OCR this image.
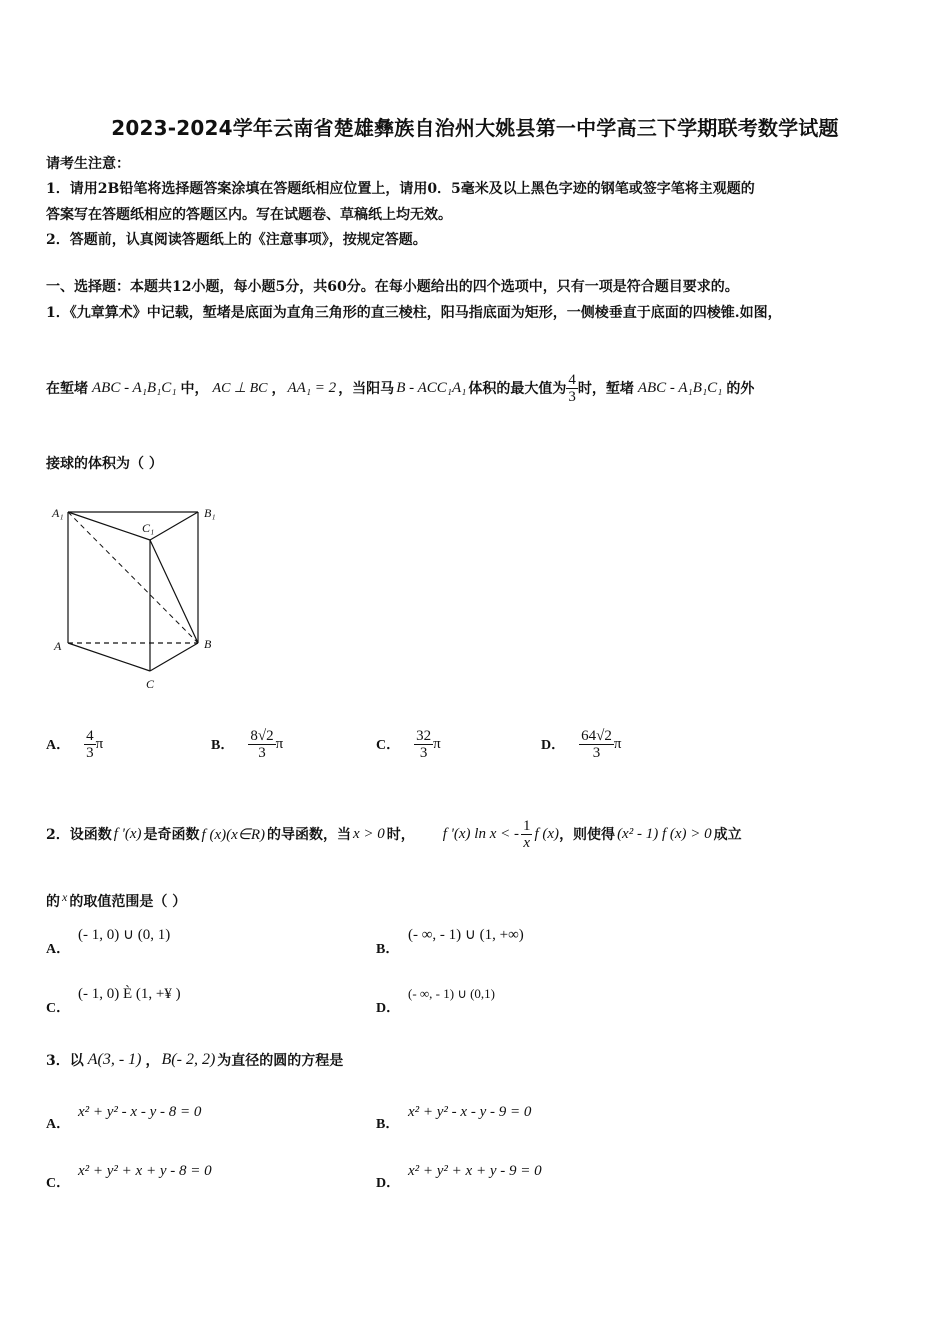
2023-2024学年云南省楚雄彝族自治州大姚县第一中学高三下学期联考数学试题
请考生注意：
1．请用2B铅笔将选择题答案涂填在答题纸相应位置上，请用0．5毫米及以上黑色字迹的钢笔或签字笔将主观题的
答案写在答题纸相应的答题区内。写在试题卷、草稿纸上均无效。
2．答题前，认真阅读答题纸上的《注意事项》，按规定答题。
一、选择题：本题共12小题，每小题5分，共60分。在每小题给出的四个选项中，只有一项是符合题目要求的。
1．《九章算术》中记载，堑堵是底面为直角三角形的直三棱柱，阳马指底面为矩形，一侧棱垂直于底面的四棱锥.如图，
在堑堵 ABC - A₁B₁C₁ 中， AC ⊥ BC ， AA₁ = 2 ，当阳马 B - ACC₁A₁ 体积的最大值为 $\frac{4}{3}$ 时，堑堵 ABC - A₁B₁C₁ 的外
接球的体积为（ ）
A₁	B₁
C₁
A	B
C
A． $\frac{4}{3}$ π	B． $\frac{8√2}{3}$ π	C． $\frac{32}{3}$ π	D． $\frac{64√2}{3}$ π
2．设函数 f '(x) 是奇函数 f (x)(x∈R) 的导函数，当 x > 0 时， f '(x) ln x < - $\frac{1}{x}$ f (x) ，则使得 (x² - 1) f (x) > 0 成立
的 x 的取值范围是（ ）
A．(- 1, 0) ∪ (0, 1)
B．(- ∞, - 1) ∪ (1, +∞)
C．(- 1, 0) È (1, +¥ )
D．(- ∞, - 1) ∪ (0,1)
3．以 A(3, - 1) ， B(- 2, 2) 为直径的圆的方程是
A．x² + y² - x - y - 8 = 0
B．x² + y² - x - y - 9 = 0
C．x² + y² + x + y - 8 = 0
D．x² + y² + x + y - 9 = 0
